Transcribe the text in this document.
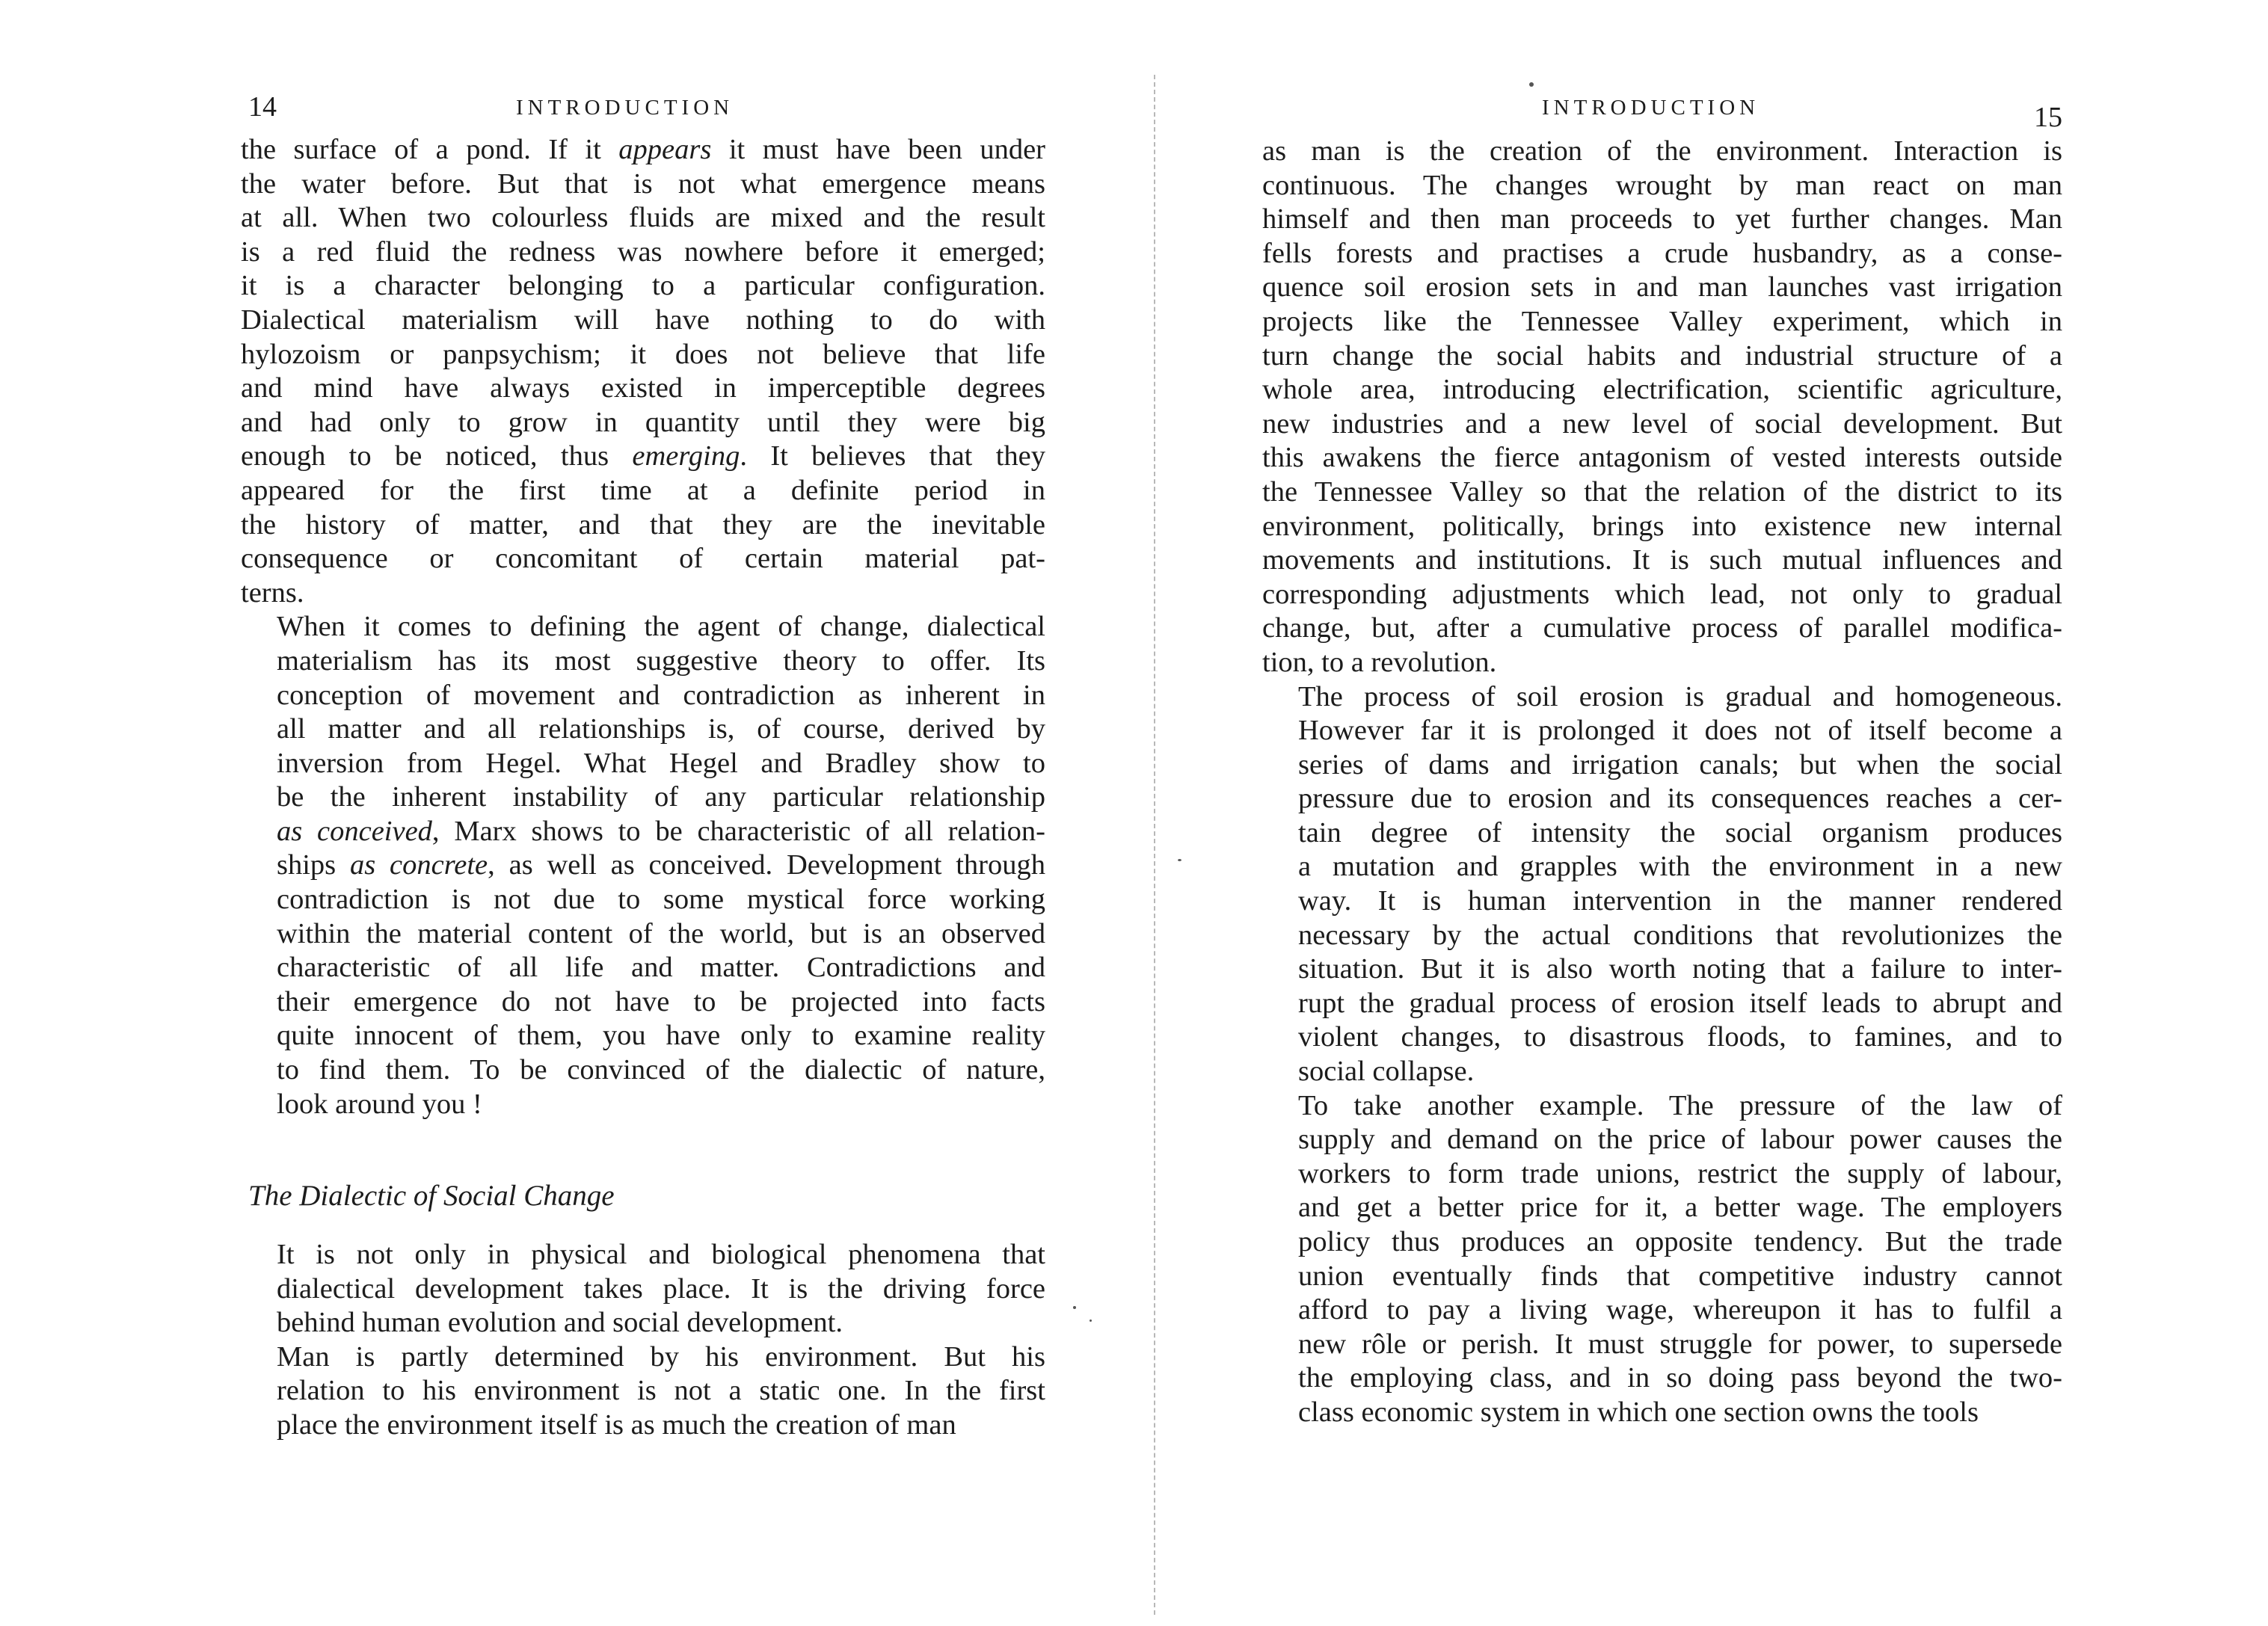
14	INTRODUCTION

the surface of a pond. If it appears it must have been under
the water before. But that is not what emergence means
at all. When two colourless fluids are mixed and the result
is a red fluid the redness was nowhere before it emerged;
it is a character belonging to a particular configuration.
Dialectical materialism will have nothing to do with
hylozoism or panpsychism; it does not believe that life
and mind have always existed in imperceptible degrees
and had only to grow in quantity until they were big
enough to be noticed, thus emerging. It believes that they
appeared for the first time at a definite period in
the history of matter, and that they are the inevitable
consequence or concomitant of certain material pat-
terns.

When it comes to defining the agent of change, dialectical
materialism has its most suggestive theory to offer. Its
conception of movement and contradiction as inherent in
all matter and all relationships is, of course, derived by
inversion from Hegel. What Hegel and Bradley show to
be the inherent instability of any particular relationship
as conceived, Marx shows to be characteristic of all relation-
ships as concrete, as well as conceived. Development through
contradiction is not due to some mystical force working
within the material content of the world, but is an observed
characteristic of all life and matter. Contradictions and
their emergence do not have to be projected into facts
quite innocent of them, you have only to examine reality
to find them. To be convinced of the dialectic of nature,
look around you !

The Dialectic of Social Change

It is not only in physical and biological phenomena that
dialectical development takes place. It is the driving force
behind human evolution and social development.

Man is partly determined by his environment. But his
relation to his environment is not a static one. In the first
place the environment itself is as much the creation of man

INTRODUCTION	15

as man is the creation of the environment. Interaction is
continuous. The changes wrought by man react on man
himself and then man proceeds to yet further changes. Man
fells forests and practises a crude husbandry, as a conse-
quence soil erosion sets in and man launches vast irrigation
projects like the Tennessee Valley experiment, which in
turn change the social habits and industrial structure of a
whole area, introducing electrification, scientific agriculture,
new industries and a new level of social development. But
this awakens the fierce antagonism of vested interests outside
the Tennessee Valley so that the relation of the district to its
environment, politically, brings into existence new internal
movements and institutions. It is such mutual influences and
corresponding adjustments which lead, not only to gradual
change, but, after a cumulative process of parallel modifica-
tion, to a revolution.

The process of soil erosion is gradual and homogeneous.
However far it is prolonged it does not of itself become a
series of dams and irrigation canals; but when the social
pressure due to erosion and its consequences reaches a cer-
tain degree of intensity the social organism produces
a mutation and grapples with the environment in a new
way. It is human intervention in the manner rendered
necessary by the actual conditions that revolutionizes the
situation. But it is also worth noting that a failure to inter-
rupt the gradual process of erosion itself leads to abrupt and
violent changes, to disastrous floods, to famines, and to
social collapse.

To take another example. The pressure of the law of
supply and demand on the price of labour power causes the
workers to form trade unions, restrict the supply of labour,
and get a better price for it, a better wage. The employers
policy thus produces an opposite tendency. But the trade
union eventually finds that competitive industry cannot
afford to pay a living wage, whereupon it has to fulfil a
new rôle or perish. It must struggle for power, to supersede
the employing class, and in so doing pass beyond the two-
class economic system in which one section owns the tools
